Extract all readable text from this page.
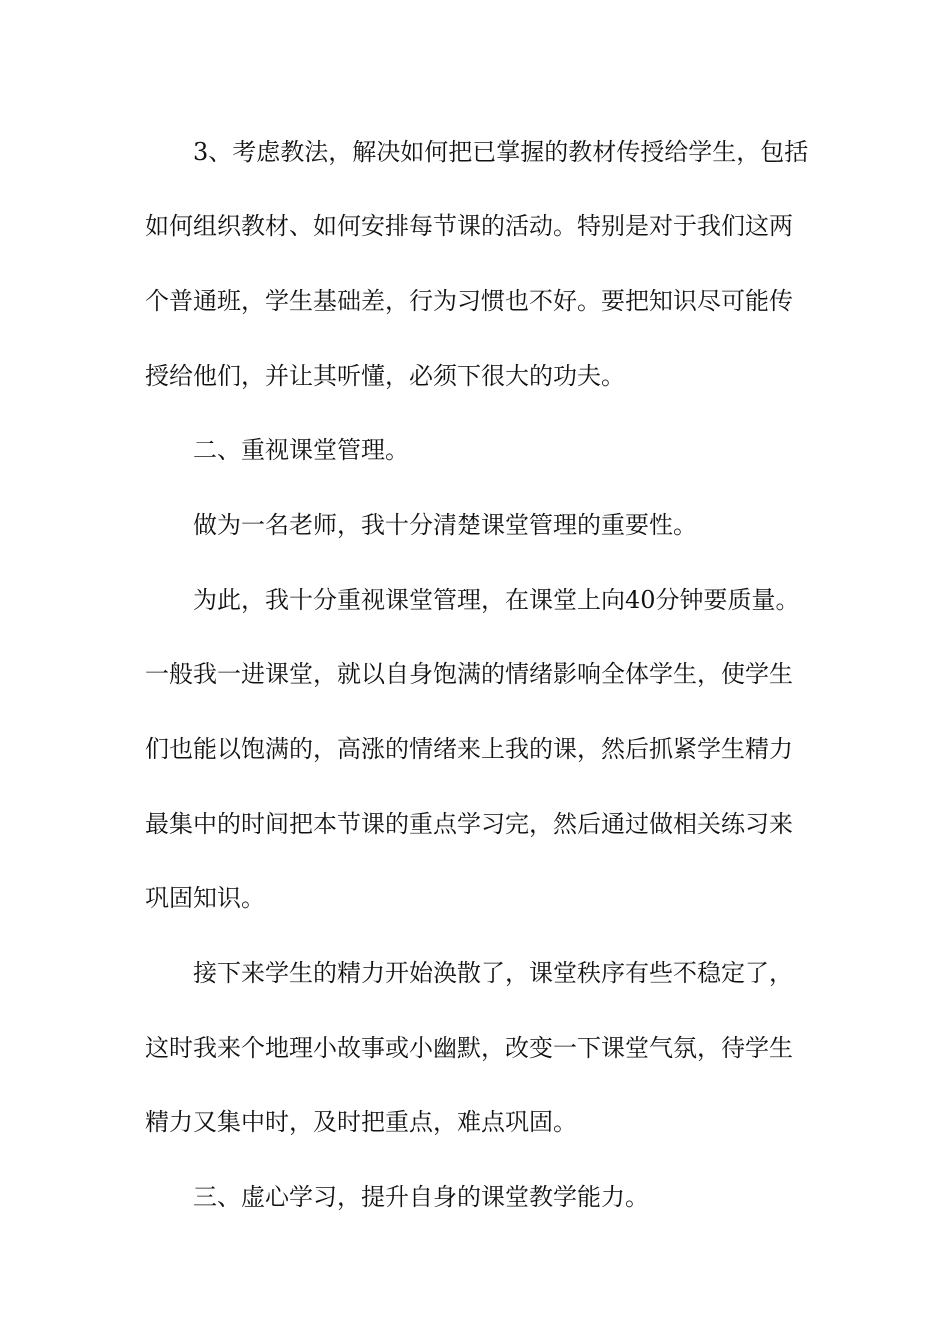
3、考虑教法，解决如何把已掌握的教材传授给学生，包括

如何组织教材、如何安排每节课的活动。特别是对于我们这两

个普通班，学生基础差，行为习惯也不好。要把知识尽可能传

授给他们，并让其听懂，必须下很大的功夫。

二、重视课堂管理。

做为一名老师，我十分清楚课堂管理的重要性。

为此，我十分重视课堂管理，在课堂上向40分钟要质量。

一般我一进课堂，就以自身饱满的情绪影响全体学生，使学生

们也能以饱满的，高涨的情绪来上我的课，然后抓紧学生精力

最集中的时间把本节课的重点学习完，然后通过做相关练习来

巩固知识。

接下来学生的精力开始涣散了，课堂秩序有些不稳定了，

这时我来个地理小故事或小幽默，改变一下课堂气氛，待学生

精力又集中时，及时把重点，难点巩固。

三、虚心学习，提升自身的课堂教学能力。
